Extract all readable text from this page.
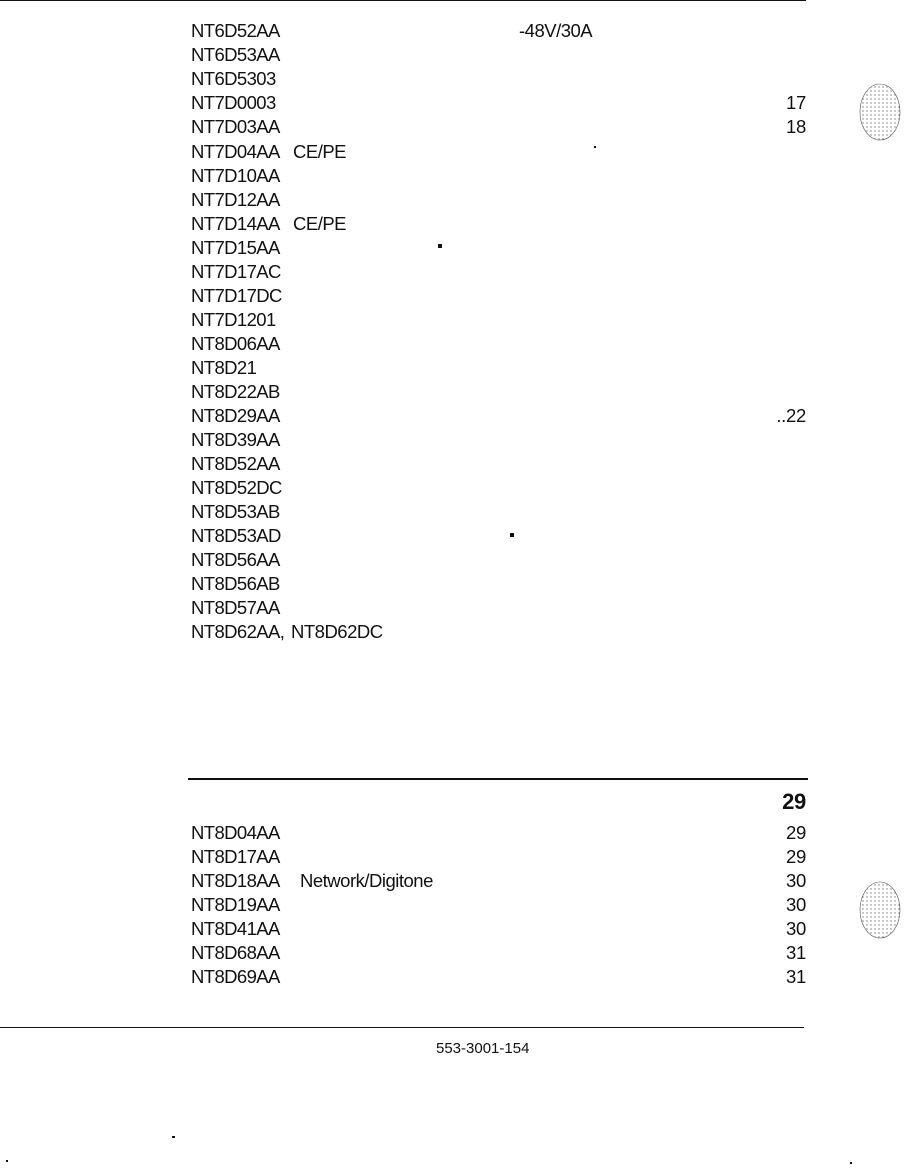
NT6D52AA	-48V/30A
NT6D53AA
NT6D5303
NT7D0003	17
NT7D03AA	18
NT7D04AA CE/PE
NT7D10AA
NT7D12AA
NT7D14AA CE/PE
NT7D15AA
NT7D17AC
NT7D17DC
NT7D1201
NT8D06AA
NT8D21
NT8D22AB
NT8D29AA	..22
NT8D39AA
NT8D52AA
NT8D52DC
NT8D53AB
NT8D53AD
NT8D56AA
NT8D56AB
NT8D57AA
NT8D62AA, NT8D62DC
29
NT8D04AA	29
NT8D17AA	29
NT8D18AA Network/Digitone	30
NT8D19AA	30
NT8D41AA	30
NT8D68AA	31
NT8D69AA	31
553-3001-154
